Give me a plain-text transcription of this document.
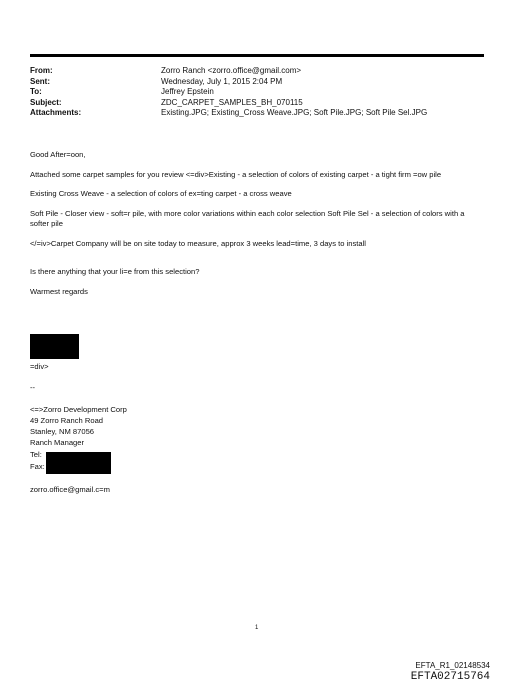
From:	Zorro Ranch <zorro.office@gmail.com>
Sent:	Wednesday, July 1, 2015 2:04 PM
To:	Jeffrey Epstein
Subject:	ZDC_CARPET_SAMPLES_BH_070115
Attachments:	Existing.JPG; Existing_Cross Weave.JPG; Soft Pile.JPG; Soft Pile Sel.JPG

Good After=oon,

Attached some carpet samples for you review <=div>Existing - a selection of colors of existing carpet - a tight firm =ow pile

Existing Cross Weave - a selection of colors of ex=ting carpet - a cross weave

Soft Pile - Closer view - soft=r pile, with more color variations within each color selection Soft Pile Sel - a selection of colors with a softer pile

</=iv>Carpet Company will be on site today to measure, approx 3 weeks lead=time, 3 days to install

Is there anything that your li=e from this selection?

Warmest regards

=div>
--
<=>Zorro Development Corp
49 Zorro Ranch Road
Stanley, NM 87056
Ranch Manager
Tel:
Fax:
zorro.office@gmail.c=m
1
EFTA_R1_02148534
EFTA02715764
